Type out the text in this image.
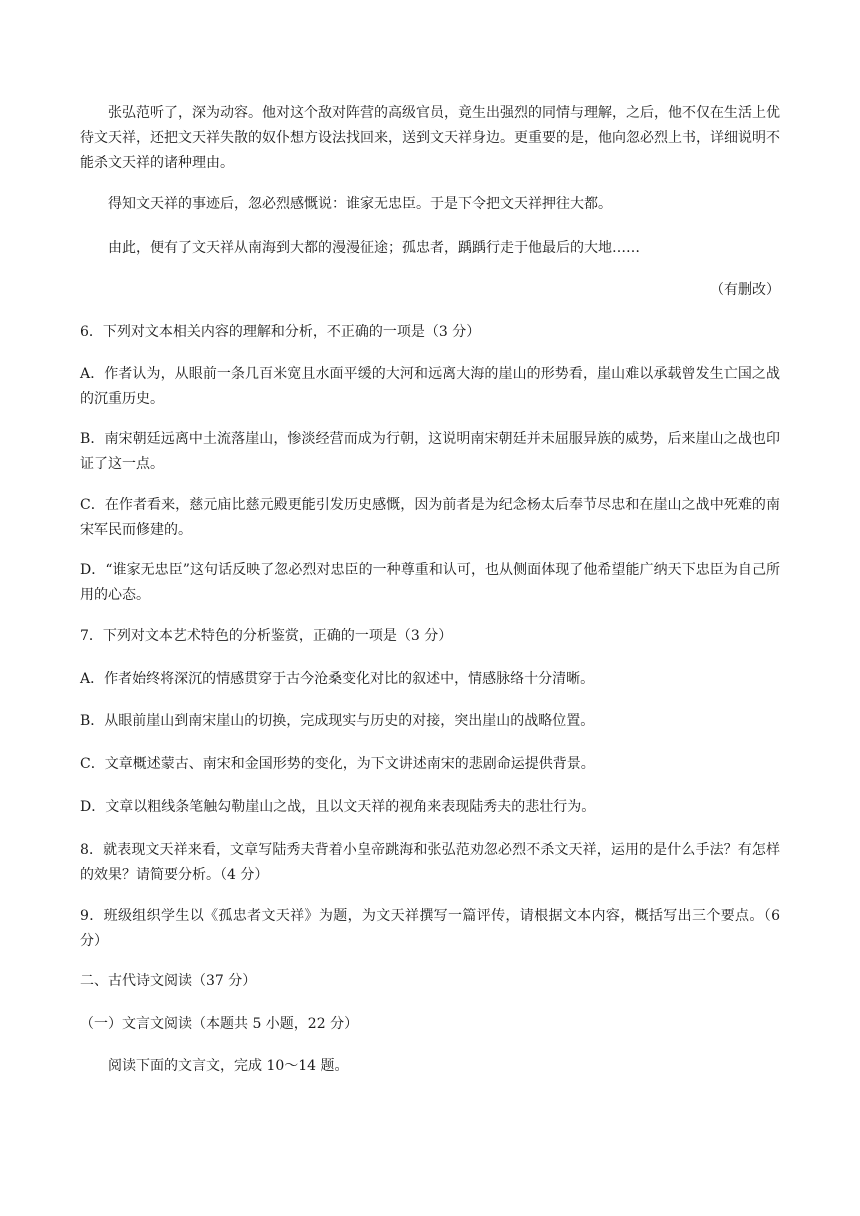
张弘范听了，深为动容。他对这个敌对阵营的高级官员，竟生出强烈的同情与理解，之后，他不仅在生活上优待文天祥，还把文天祥失散的奴仆想方设法找回来，送到文天祥身边。更重要的是，他向忽必烈上书，详细说明不能杀文天祥的诸种理由。

得知文天祥的事迹后，忽必烈感慨说：谁家无忠臣。于是下令把文天祥押往大都。

由此，便有了文天祥从南海到大都的漫漫征途；孤忠者，踽踽行走于他最后的大地……

（有删改）

6．下列对文本相关内容的理解和分析，不正确的一项是（3 分）

A．作者认为，从眼前一条几百米宽且水面平缓的大河和远离大海的崖山的形势看，崖山难以承载曾发生亡国之战的沉重历史。

B．南宋朝廷远离中土流落崖山，惨淡经营而成为行朝，这说明南宋朝廷并未屈服异族的威势，后来崖山之战也印证了这一点。

C．在作者看来，慈元庙比慈元殿更能引发历史感慨，因为前者是为纪念杨太后奉节尽忠和在崖山之战中死难的南宋军民而修建的。

D．“谁家无忠臣”这句话反映了忽必烈对忠臣的一种尊重和认可，也从侧面体现了他希望能广纳天下忠臣为自己所用的心态。

7．下列对文本艺术特色的分析鉴赏，正确的一项是（3 分）

A．作者始终将深沉的情感贯穿于古今沧桑变化对比的叙述中，情感脉络十分清晰。

B．从眼前崖山到南宋崖山的切换，完成现实与历史的对接，突出崖山的战略位置。

C．文章概述蒙古、南宋和金国形势的变化，为下文讲述南宋的悲剧命运提供背景。

D．文章以粗线条笔触勾勒崖山之战，且以文天祥的视角来表现陆秀夫的悲壮行为。

8．就表现文天祥来看，文章写陆秀夫背着小皇帝跳海和张弘范劝忽必烈不杀文天祥，运用的是什么手法？有怎样的效果？请简要分析。（4 分）

9．班级组织学生以《孤忠者文天祥》为题，为文天祥撰写一篇评传，请根据文本内容，概括写出三个要点。（6 分）

二、古代诗文阅读（37 分）

（一）文言文阅读（本题共 5 小题，22 分）

阅读下面的文言文，完成 10～14 题。
